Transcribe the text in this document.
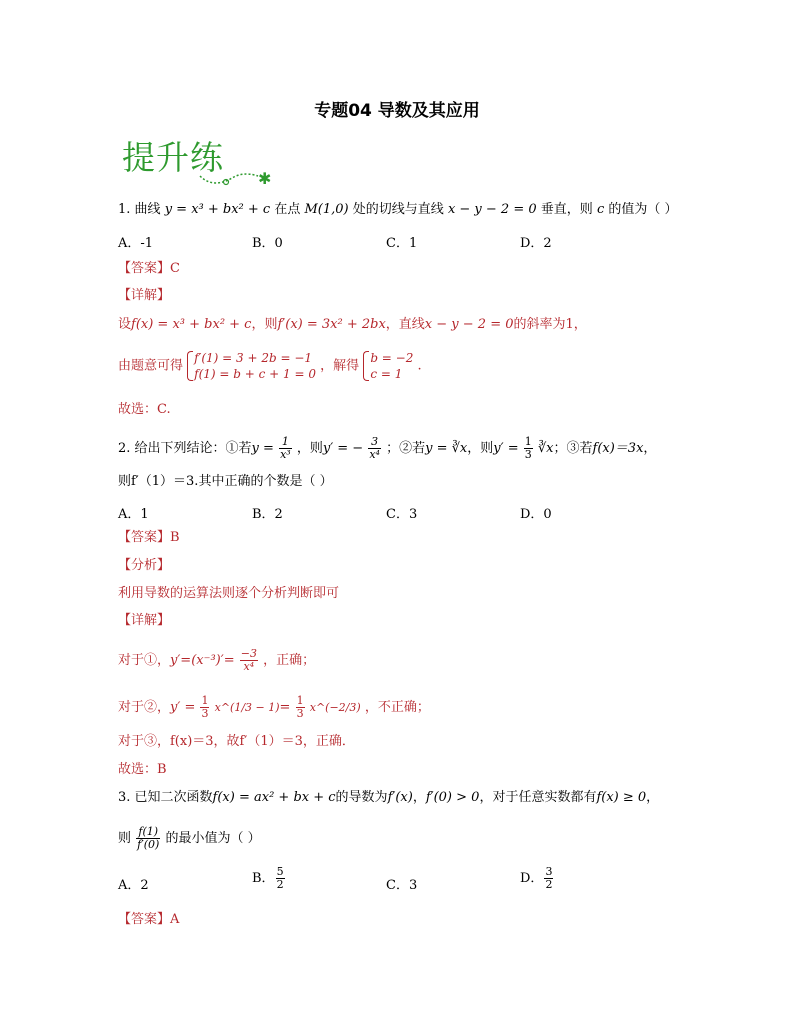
专题04 导数及其应用
提升练
✱
1. 曲线 y = x³ + bx² + c 在点 M(1,0) 处的切线与直线 x − y − 2 = 0 垂直，则 c 的值为（ ）
A．-1	B．0	C．1	D．2
【答案】C
【详解】
设f(x) = x³ + bx² + c，则f′(x) = 3x² + 2bx，直线x − y − 2 = 0的斜率为1，
由题意可得
f′(1) = 3 + 2b = −1
f(1) = b + c + 1 = 0
，解得
b = −2
c = 1
.
故选：C.
2. 给出下列结论：①若$y = \frac{1}{\text{x³}}$ ，则y′ = − $\frac{3}{\text{x⁴}}$ ；②若y = ∛x，则$y' = \frac{1}{3}$ ∛x；③若f(x)＝3x，
则f′（1）＝3.其中正确的个数是（ ）
A．1	B．2	C．3	D．0
【答案】B
【分析】
利用导数的运算法则逐个分析判断即可
【详解】
对于①，$y'=(x^{-3})'= \frac{-3}{\text{x⁴}}$ ，正确；
对于②，$y' = \frac{1}{3}$ x^(1/3 − $1)= \frac{1}{3}$ x^(−2/3) ，不正确；
对于③，f(x)＝3，故f′（1）＝3，正确．
故选：B
3. 已知二次函数f(x) = ax² + bx + c的导数为f′(x)，f′(0) > 0，对于任意实数都有f(x) ≥ 0，
则 $\frac{f(1)}{f'(0)}$ 的最小值为（ ）
A．2	B． $\frac{5}{2}$	C．3	D． $\frac{3}{2}$
【答案】A
